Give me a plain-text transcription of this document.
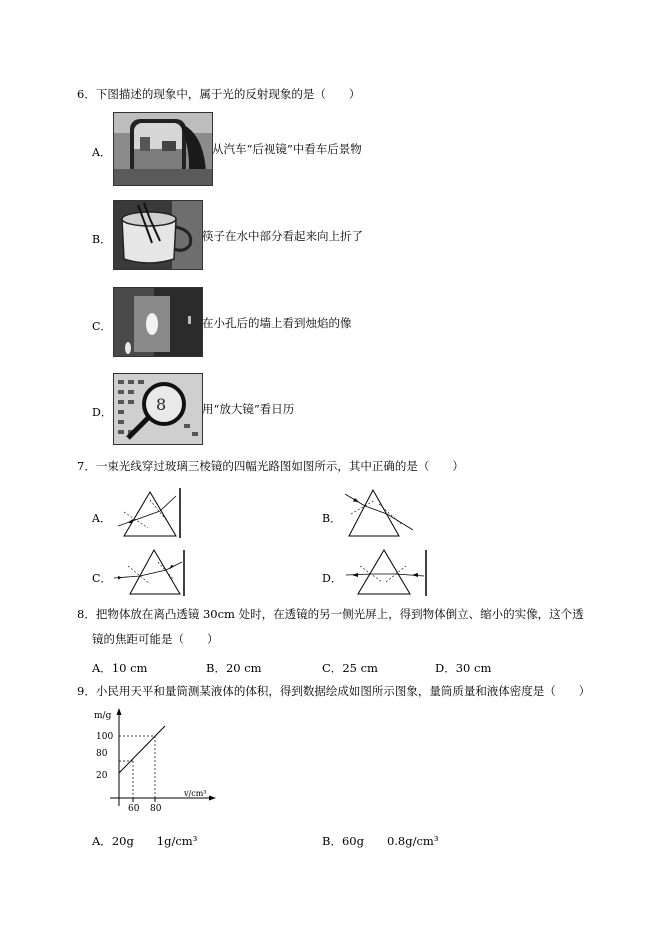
6．下图描述的现象中，属于光的反射现象的是（　　）
A．	从汽车“后视镜”中看车后景物
B．	筷子在水中部分看起来向上折了
C．	在小孔后的墙上看到烛焰的像
D．	8	用“放大镜”看日历
7．一束光线穿过玻璃三棱镜的四幅光路图如图所示，其中正确的是（　　）
A．	B．
C．	D．
8．把物体放在离凸透镜 30cm 处时，在透镜的另一侧光屏上，得到物体倒立、缩小的实像，这个透
镜的焦距可能是（　　）
A．10 cm	B．20 cm	C．25 cm	D．30 cm
9．小民用天平和量筒测某液体的体积，得到数据绘成如图所示图象，量筒质量和液体密度是（　　）
m/g
100
80
20
60 80
v/cm³
A．20g　　1g/cm³	B．60g　　0.8g/cm³
